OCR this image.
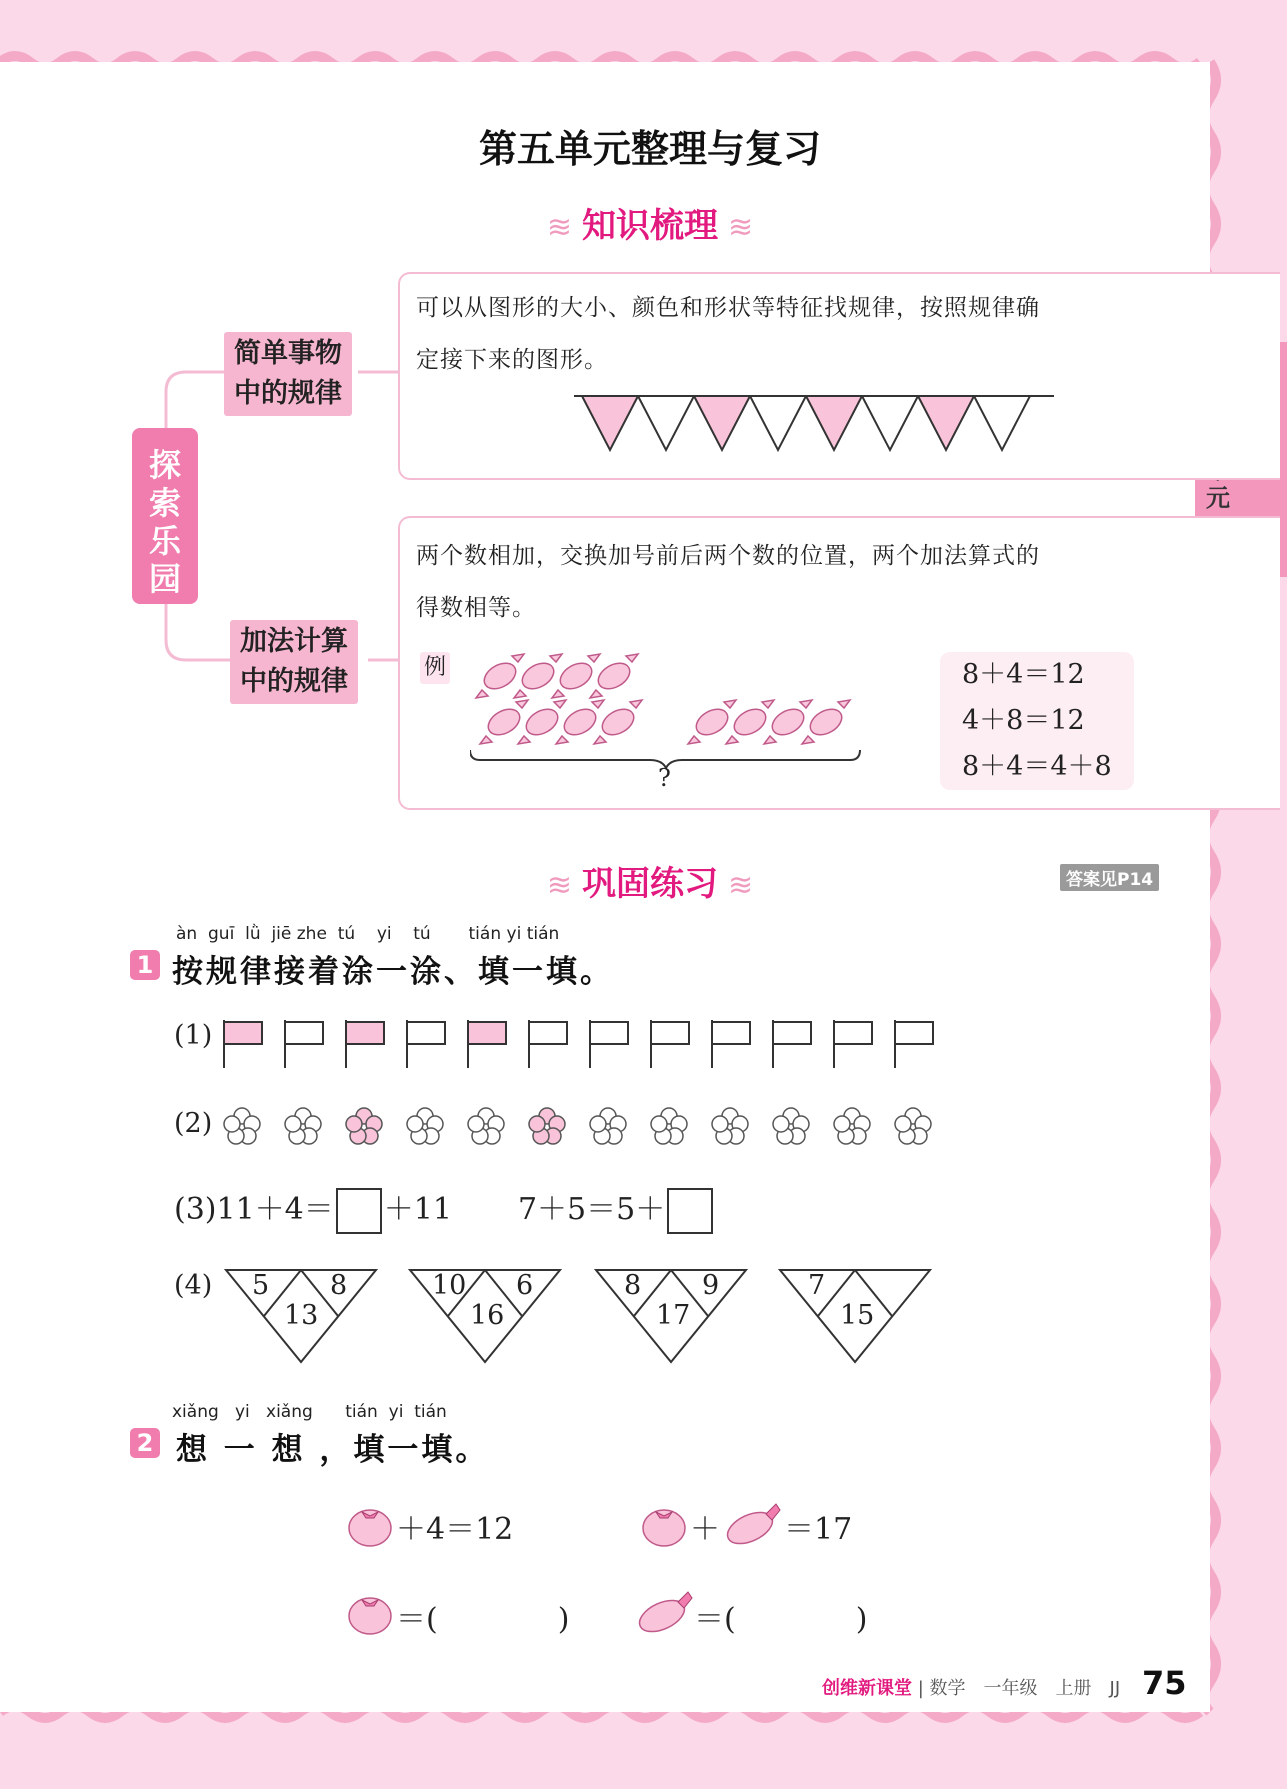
第五单元整理与复习
元
≋ 知识梳理 ≋
探索乐园
简单事物
中的规律
可以从图形的大小、颜色和形状等特征找规律，按照规律确
定接下来的图形。
加法计算
中的规律
两个数相加，交换加号前后两个数的位置，两个加法算式的
得数相等。
例
?
8＋4＝12
4＋8＝12
8＋4＝4＋8
≋ 巩固练习 ≋	答案见P14
àn guī lǜ jiē zhe tú yi tú tián yi tián
1 按规律接着涂一涂、填一填。
(1)
(2)
(3)11＋4＝ ＋11 7＋5＝5＋
(4) 5 8
13
10 6
16
8 9
17
7
15
xiǎng yi xiǎng tián yi tián
2 想 一 想 ，填一填。
＋4＝12	＋ ＝17
＝(　　　　)	＝(　　　　)
创维新课堂 | 数学　一年级　上册　JJ 75
